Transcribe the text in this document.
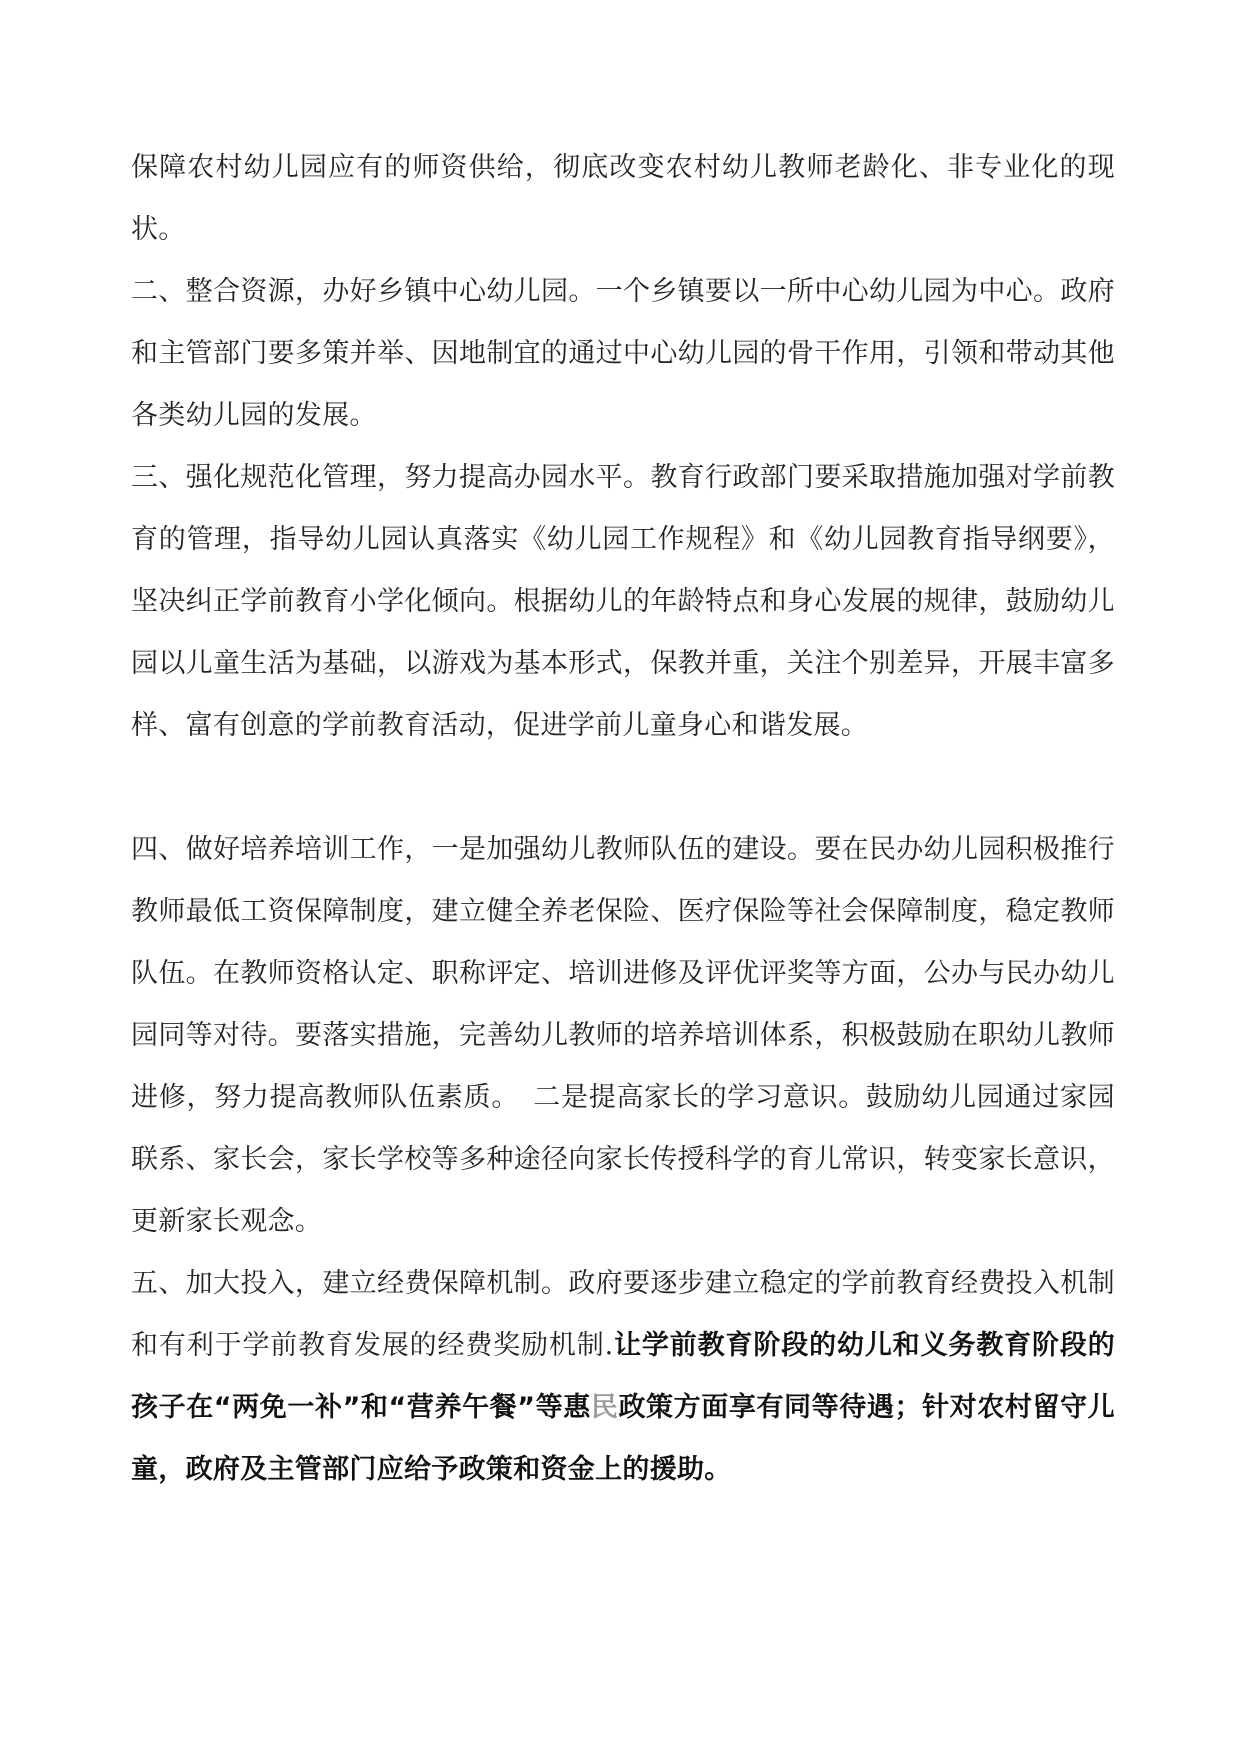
保障农村幼儿园应有的师资供给，彻底改变农村幼儿教师老龄化、非专业化的现状。

二、整合资源，办好乡镇中心幼儿园。一个乡镇要以一所中心幼儿园为中心。政府和主管部门要多策并举、因地制宜的通过中心幼儿园的骨干作用，引领和带动其他各类幼儿园的发展。

三、强化规范化管理，努力提高办园水平。教育行政部门要采取措施加强对学前教育的管理，指导幼儿园认真落实《幼儿园工作规程》和《幼儿园教育指导纲要》，坚决纠正学前教育小学化倾向。根据幼儿的年龄特点和身心发展的规律，鼓励幼儿园以儿童生活为基础，以游戏为基本形式，保教并重，关注个别差异，开展丰富多样、富有创意的学前教育活动，促进学前儿童身心和谐发展。

四、做好培养培训工作，一是加强幼儿教师队伍的建设。要在民办幼儿园积极推行教师最低工资保障制度，建立健全养老保险、医疗保险等社会保障制度，稳定教师队伍。在教师资格认定、职称评定、培训进修及评优评奖等方面，公办与民办幼儿园同等对待。要落实措施，完善幼儿教师的培养培训体系，积极鼓励在职幼儿教师进修，努力提高教师队伍素质。　二是提高家长的学习意识。鼓励幼儿园通过家园联系、家长会，家长学校等多种途径向家长传授科学的育儿常识，转变家长意识，更新家长观念。

五、加大投入，建立经费保障机制。政府要逐步建立稳定的学前教育经费投入机制和有利于学前教育发展的经费奖励机制.让学前教育阶段的幼儿和义务教育阶段的孩子在“两免一补”和“营养午餐”等惠民政策方面享有同等待遇；针对农村留守儿童，政府及主管部门应给予政策和资金上的援助。
